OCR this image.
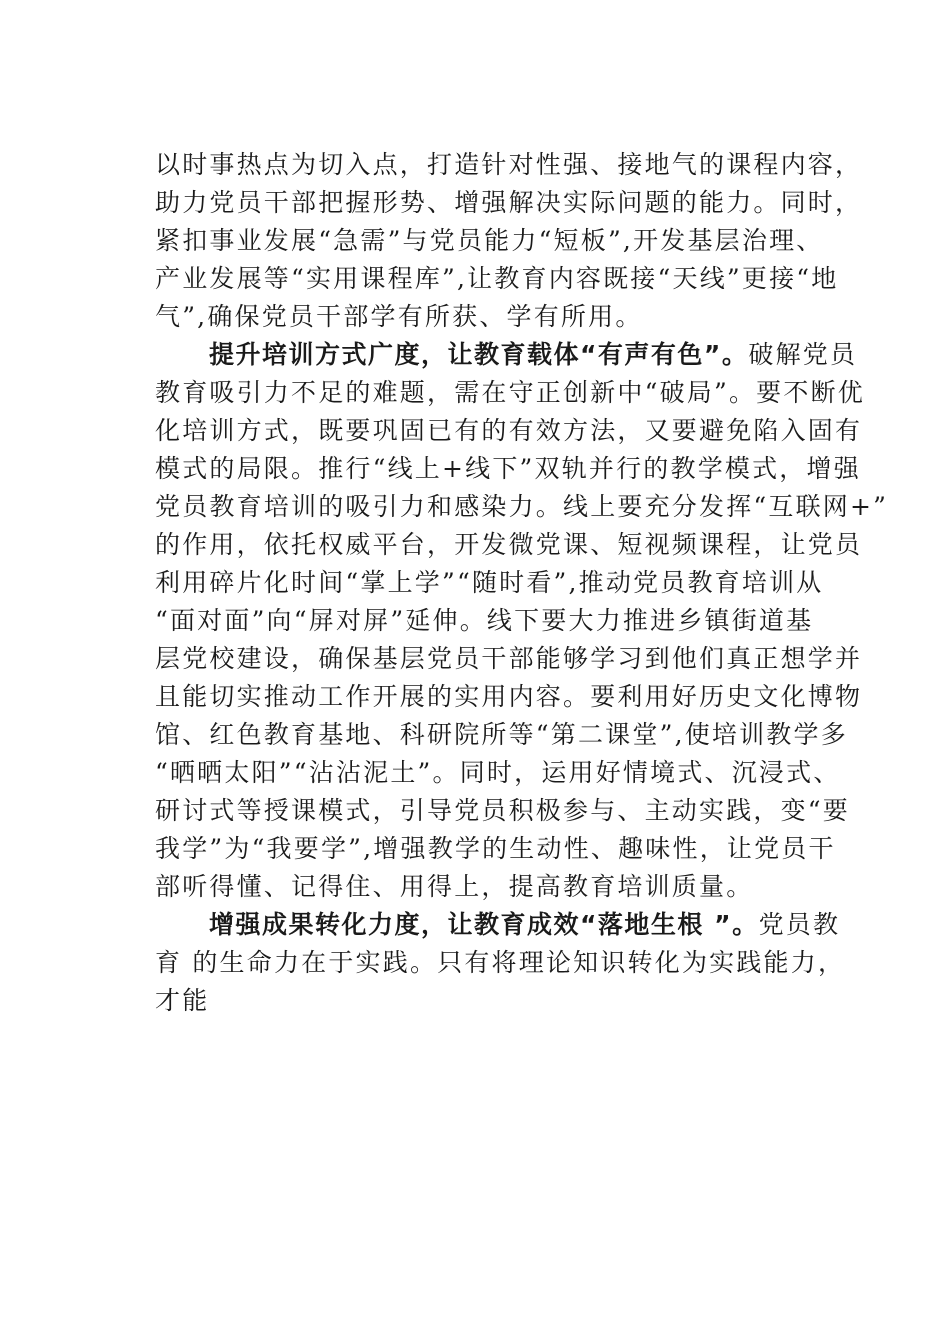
以时事热点为切入点，打造针对性强、接地气的课程内容，
助力党员干部把握形势、增强解决实际问题的能力。同时，
紧扣事业发展“急需”与党员能力“短板”,开发基层治理、
产业发展等“实用课程库”,让教育内容既接“天线”更接“地
气”,确保党员干部学有所获、学有所用。

提升培训方式广度，让教育载体“有声有色”。破解党员
教育吸引力不足的难题，需在守正创新中“破局”。要不断优
化培训方式，既要巩固已有的有效方法，又要避免陷入固有
模式的局限。推行“线上+线下”双轨并行的教学模式，增强
党员教育培训的吸引力和感染力。线上要充分发挥“互联网+”
的作用，依托权威平台，开发微党课、短视频课程，让党员
利用碎片化时间“掌上学”“随时看”,推动党员教育培训从
“面对面”向“屏对屏”延伸。线下要大力推进乡镇街道基
层党校建设，确保基层党员干部能够学习到他们真正想学并
且能切实推动工作开展的实用内容。要利用好历史文化博物
馆、红色教育基地、科研院所等“第二课堂”,使培训教学多
“晒晒太阳”“沾沾泥土”。同时，运用好情境式、沉浸式、
研讨式等授课模式，引导党员积极参与、主动实践，变“要
我学”为“我要学”,增强教学的生动性、趣味性，让党员干
部听得懂、记得住、用得上，提高教育培训质量。

增强成果转化力度，让教育成效“落地生根 ”。党员教
育 的生命力在于实践。只有将理论知识转化为实践能力，
才能
